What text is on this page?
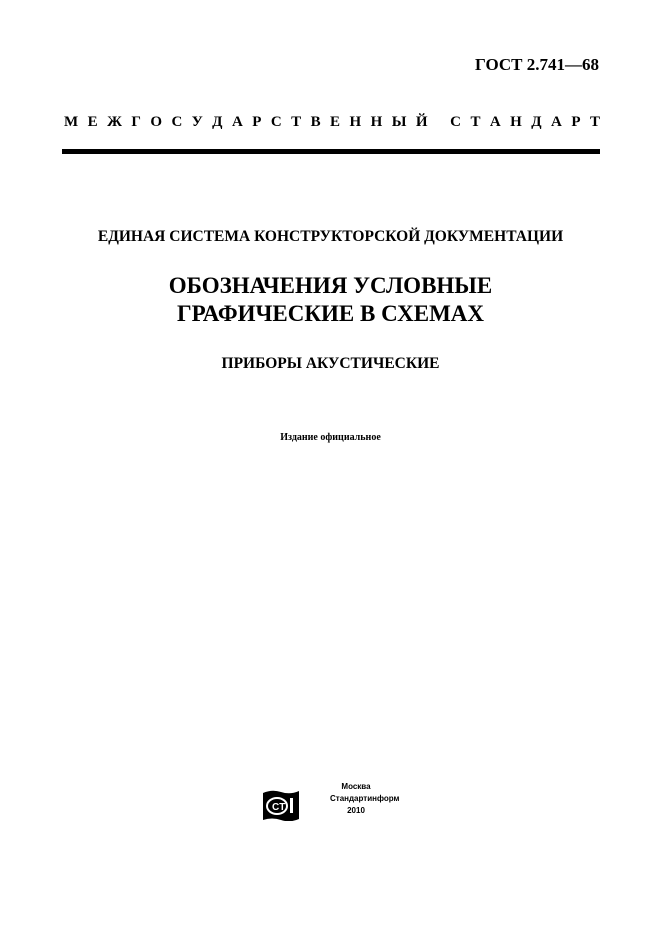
ГОСТ 2.741—68
М Е Ж Г О С У Д А Р С Т В Е Н Н Ы Й
С Т А Н Д А Р Т
ЕДИНАЯ СИСТЕМА КОНСТРУКТОРСКОЙ ДОКУМЕНТАЦИИ
ОБОЗНАЧЕНИЯ УСЛОВНЫЕ
ГРАФИЧЕСКИЕ В СХЕМАХ
ПРИБОРЫ АКУСТИЧЕСКИЕ
Издание официальное
CT
Москва
Стандартинформ
2010
